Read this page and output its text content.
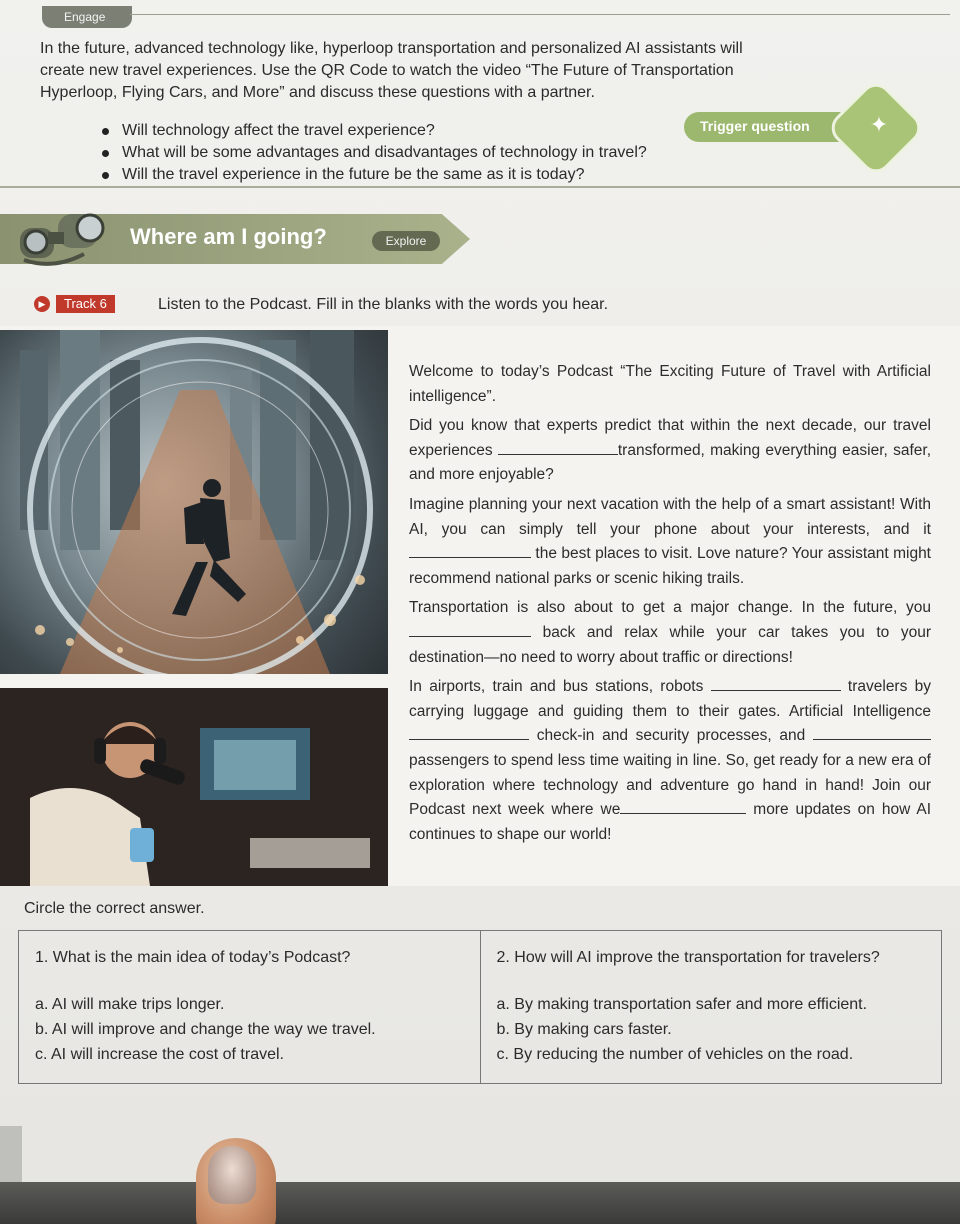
Engage
In the future, advanced technology like, hyperloop transportation and personalized AI assistants will create new travel experiences. Use the QR Code to watch the video “The Future of Transportation Hyperloop, Flying Cars, and More” and discuss these questions with a partner.
Will technology affect the travel experience?
What will be some advantages and disadvantages of technology in travel?
Will the travel experience in the future be the same as it is today?
Trigger question	✦
Where am I going?	Explore
▶	Track 6	Listen to the Podcast. Fill in the blanks with the words you hear.

Welcome to today’s Podcast “The Exciting Future of Travel with Artificial intelligence”.

Did you know that experts predict that within the next decade, our travel experiences	transformed, making everything easier, safer, and more enjoyable?

Imagine planning your next vacation with the help of a smart assistant! With AI, you can simply tell your phone about your interests, and it  the best places to visit. Love nature? Your assistant might recommend national parks or scenic hiking trails.

Transportation is also about to get a major change. In the future, you  back and relax while your car takes you to your destination—no need to worry about traffic or directions!

In airports, train and bus stations, robots	travelers by carrying luggage and guiding them to their gates. Artificial Intelligence  check-in and security processes, and  passengers to spend less time waiting in line. So, get ready for a new era of exploration where technology and adventure go hand in hand! Join our Podcast next week where we	more updates on how AI continues to shape our world!

Circle the correct answer.
1. What is the main idea of today’s Podcast?
a. AI will make trips longer.
b. AI will improve and change the way we travel.
c. AI will increase the cost of travel.
2. How will AI improve the transportation for travelers?
a. By making transportation safer and more efficient.
b. By making cars faster.
c. By reducing the number of vehicles on the road.
